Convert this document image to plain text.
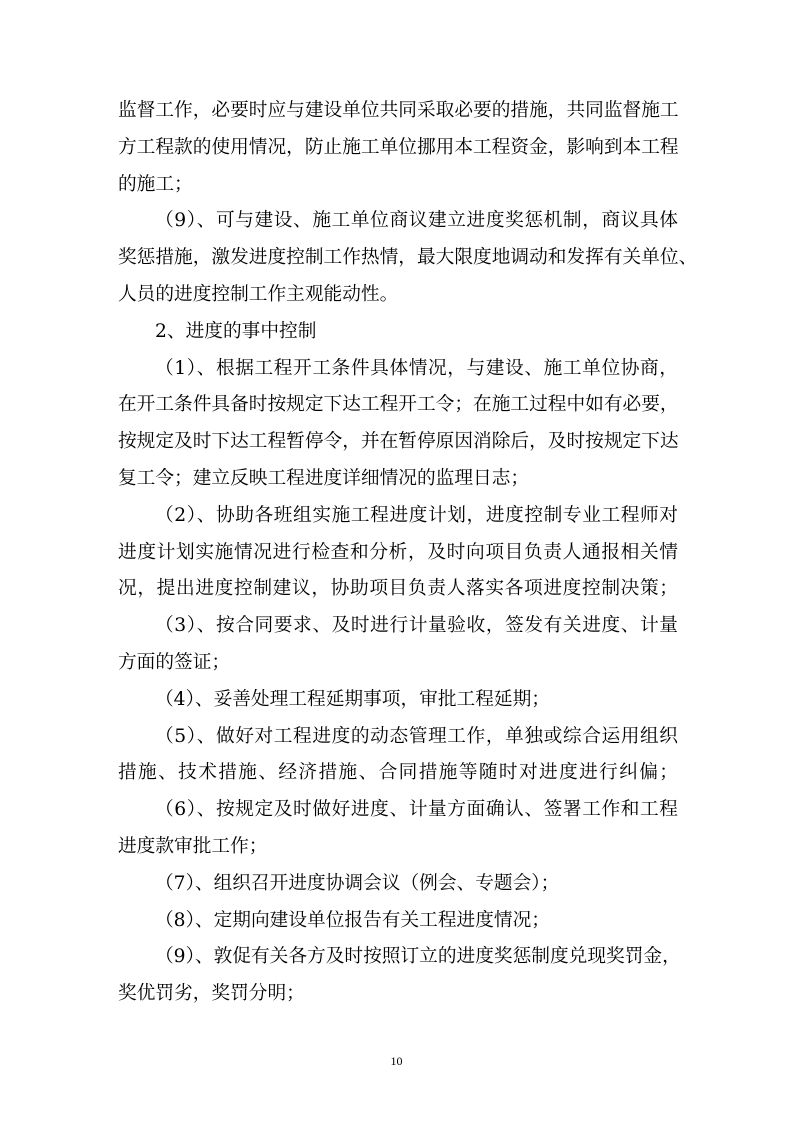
监督工作，必要时应与建设单位共同采取必要的措施，共同监督施工
方工程款的使用情况，防止施工单位挪用本工程资金，影响到本工程
的施工；
（9）、可与建设、施工单位商议建立进度奖惩机制，商议具体
奖惩措施，激发进度控制工作热情，最大限度地调动和发挥有关单位、
人员的进度控制工作主观能动性。
2、进度的事中控制
（1）、根据工程开工条件具体情况，与建设、施工单位协商，
在开工条件具备时按规定下达工程开工令；在施工过程中如有必要，
按规定及时下达工程暂停令，并在暂停原因消除后，及时按规定下达
复工令；建立反映工程进度详细情况的监理日志；
（2）、协助各班组实施工程进度计划，进度控制专业工程师对
进度计划实施情况进行检查和分析，及时向项目负责人通报相关情
况，提出进度控制建议，协助项目负责人落实各项进度控制决策；
（3）、按合同要求、及时进行计量验收，签发有关进度、计量
方面的签证；
（4）、妥善处理工程延期事项，审批工程延期；
（5）、做好对工程进度的动态管理工作，单独或综合运用组织
措施、技术措施、经济措施、合同措施等随时对进度进行纠偏；
（6）、按规定及时做好进度、计量方面确认、签署工作和工程
进度款审批工作；
（7）、组织召开进度协调会议（例会、专题会）；
（8）、定期向建设单位报告有关工程进度情况；
（9）、敦促有关各方及时按照订立的进度奖惩制度兑现奖罚金，
奖优罚劣，奖罚分明；
10
